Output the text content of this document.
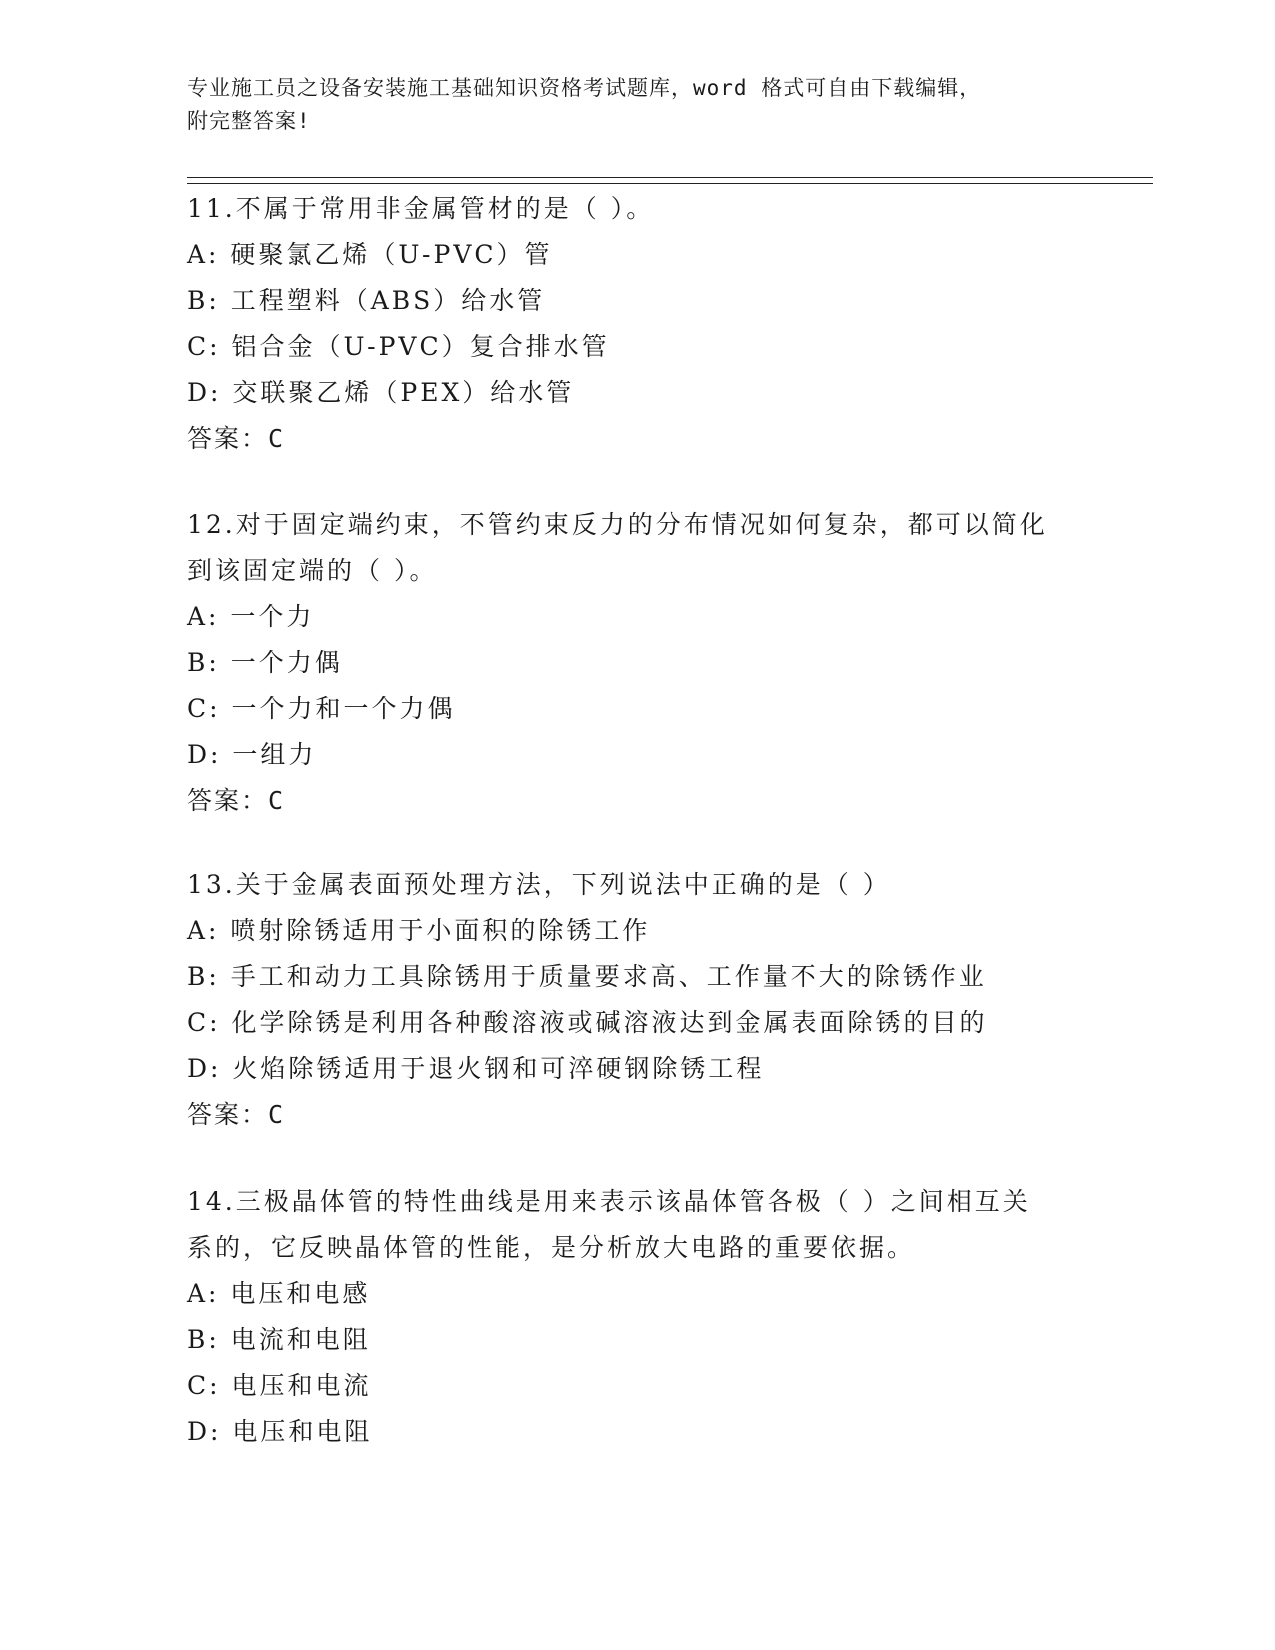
专业施工员之设备安装施工基础知识资格考试题库，word 格式可自由下载编辑，
附完整答案!
11.不属于常用非金属管材的是（ ）。
A: 硬聚氯乙烯（U-PVC）管
B: 工程塑料（ABS）给水管
C: 铝合金（U-PVC）复合排水管
D: 交联聚乙烯（PEX）给水管
答案：C
12.对于固定端约束，不管约束反力的分布情况如何复杂，都可以简化
到该固定端的（ ）。
A: 一个力
B: 一个力偶
C: 一个力和一个力偶
D: 一组力
答案：C
13.关于金属表面预处理方法，下列说法中正确的是（ ）
A: 喷射除锈适用于小面积的除锈工作
B: 手工和动力工具除锈用于质量要求高、工作量不大的除锈作业
C: 化学除锈是利用各种酸溶液或碱溶液达到金属表面除锈的目的
D: 火焰除锈适用于退火钢和可淬硬钢除锈工程
答案：C
14.三极晶体管的特性曲线是用来表示该晶体管各极（ ）之间相互关
系的，它反映晶体管的性能，是分析放大电路的重要依据。
A: 电压和电感
B: 电流和电阻
C: 电压和电流
D: 电压和电阻
